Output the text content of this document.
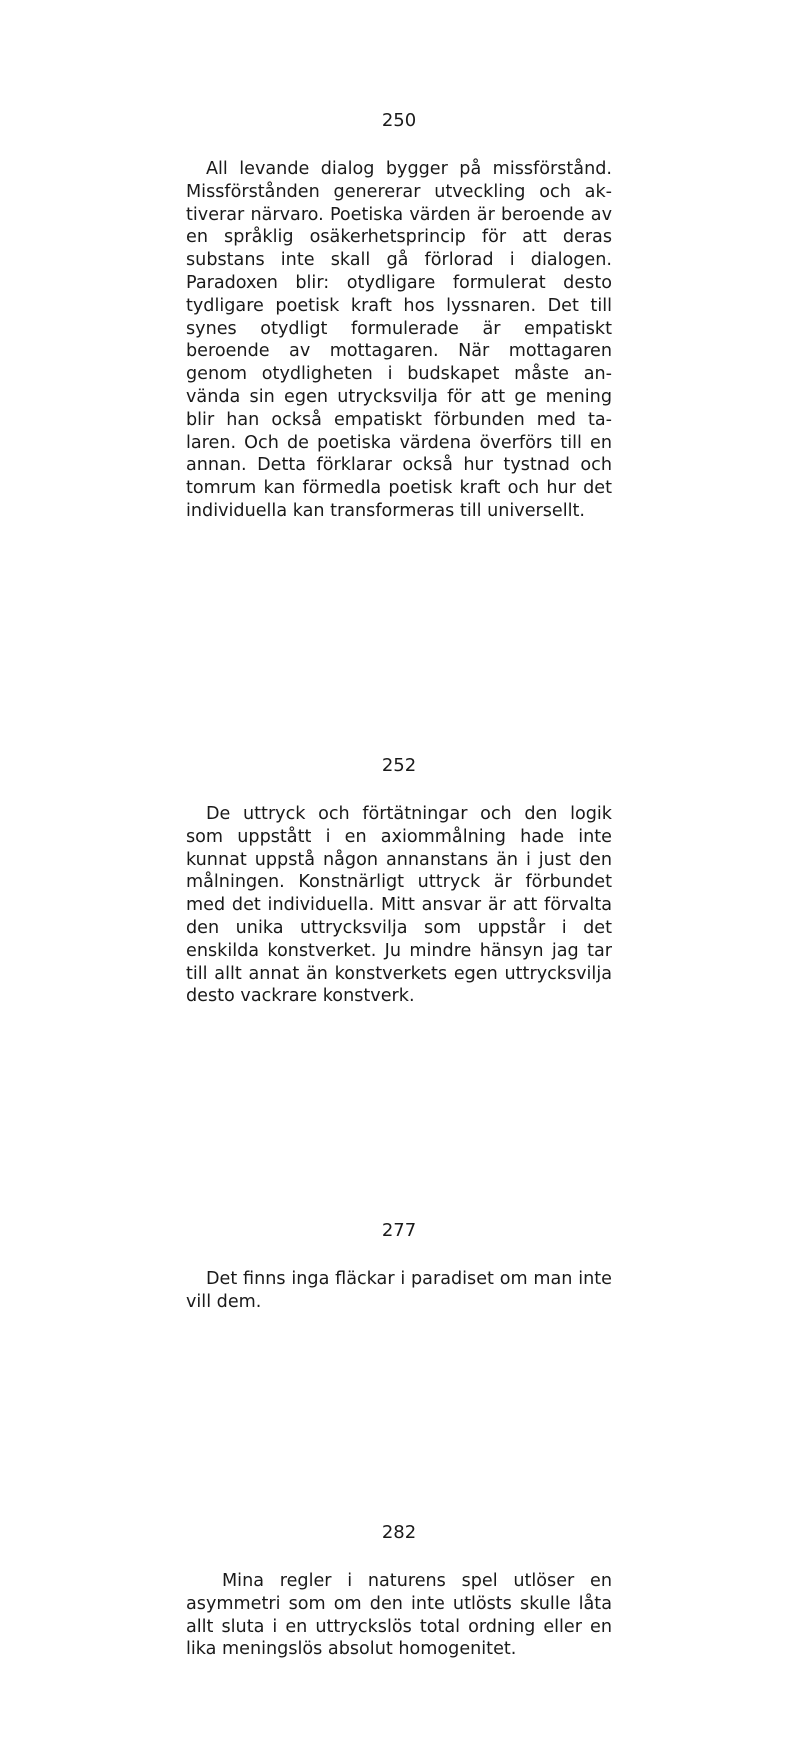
250

All levande dialog bygger på missförstånd. Missförstånden genererar utveckling och aktiverar närvaro. Poetiska värden är beroende av en språklig osäkerhetsprincip för att deras substans inte skall gå förlorad i dialogen. Paradoxen blir: otydligare formulerat desto tydligare poetisk kraft hos lyssnaren. Det till synes otydligt formulerade är empatiskt beroende av mottagaren. När mottagaren genom otydligheten i budskapet måste använda sin egen utrycksvilja för att ge mening blir han också empatiskt förbunden med talaren. Och de poetiska värdena överförs till en annan. Detta förklarar också hur tystnad och tomrum kan förmedla poetisk kraft och hur det individuella kan transformeras till universellt.

252

De uttryck och förtätningar och den logik som uppstått i en axiommålning hade inte kunnat uppstå någon annanstans än i just den målningen. Konstnärligt uttryck är förbundet med det individuella. Mitt ansvar är att förvalta den unika uttrycksvilja som uppstår i det enskilda konstverket. Ju mindre hänsyn jag tar till allt annat än konstverkets egen uttrycksvilja desto vackrare konstverk.

277

Det finns inga fläckar i paradiset om man inte vill dem.

282

Mina regler i naturens spel utlöser en asymmetri som om den inte utlösts skulle låta allt sluta i en uttryckslös total ordning eller en lika meningslös absolut homogenitet.
